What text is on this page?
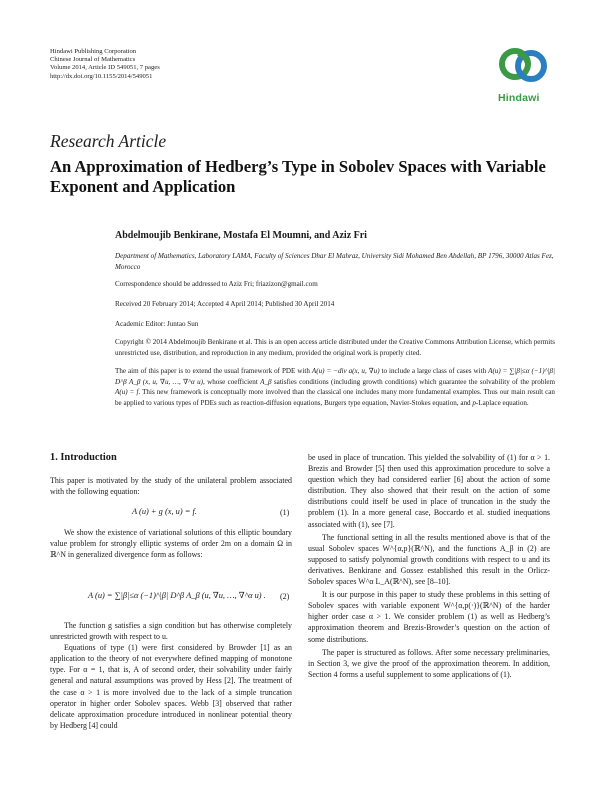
Hindawi Publishing Corporation
Chinese Journal of Mathematics
Volume 2014, Article ID 549051, 7 pages
http://dx.doi.org/10.1155/2014/549051
Hindawi
Research Article
An Approximation of Hedberg’s Type in Sobolev Spaces with Variable Exponent and Application
Abdelmoujib Benkirane, Mostafa El Moumni, and Aziz Fri
Department of Mathematics, Laboratory LAMA, Faculty of Sciences Dhar El Mahraz, University Sidi Mohamed Ben Abdellah, BP 1796, 30000 Atlas Fez, Morocco
Correspondence should be addressed to Aziz Fri; friazizon@gmail.com
Received 20 February 2014; Accepted 4 April 2014; Published 30 April 2014
Academic Editor: Juntao Sun
Copyright © 2014 Abdelmoujib Benkirane et al. This is an open access article distributed under the Creative Commons Attribution License, which permits unrestricted use, distribution, and reproduction in any medium, provided the original work is properly cited.
The aim of this paper is to extend the usual framework of PDE with A(u) = −div a(x, u, ∇u) to include a large class of cases with A(u) = ∑|β|≤α (−1)^|β| D^β A_β (x, u, ∇u, …, ∇^α u), whose coefficient A_β satisfies conditions (including growth conditions) which guarantee the solvability of the problem A(u) = f. This new framework is conceptually more involved than the classical one includes many more fundamental examples. Thus our main result can be applied to various types of PDEs such as reaction-diffusion equations, Burgers type equation, Navier-Stokes equation, and p-Laplace equation.
1. Introduction

This paper is motivated by the study of the unilateral problem associated with the following equation:

A (u) + g (x, u) = f.	(1)

We show the existence of variational solutions of this elliptic boundary value problem for strongly elliptic systems of order 2m on a domain Ω in ℝ^N in generalized divergence form as follows:

A (u) = ∑|β|≤α (−1)^|β| D^β A_β (u, ∇u, …, ∇^α u) .	(2)

The function g satisfies a sign condition but has otherwise completely unrestricted growth with respect to u.

Equations of type (1) were first considered by Browder [1] as an application to the theory of not everywhere defined mapping of monotone type. For α = 1, that is, A of second order, their solvability under fairly general and natural assumptions was proved by Hess [2]. The treatment of the case α > 1 is more involved due to the lack of a simple truncation operator in higher order Sobolev spaces. Webb [3] observed that rather delicate approximation procedure introduced in nonlinear potential theory by Hedberg [4] could

be used in place of truncation. This yielded the solvability of (1) for α > 1. Brezis and Browder [5] then used this approximation procedure to solve a question which they had considered earlier [6] about the action of some distribution. They also showed that their result on the action of some distributions could itself be used in place of truncation in the study the problem (1). In a more general case, Boccardo et al. studied inequations associated with (1), see [7].

The functional setting in all the results mentioned above is that of the usual Sobolev spaces W^{α,p}(ℝ^N), and the functions A_β in (2) are supposed to satisfy polynomial growth conditions with respect to u and its derivatives. Benkirane and Gossez established this result in the Orlicz-Sobolev spaces W^α L_A(ℝ^N), see [8–10].

It is our purpose in this paper to study these problems in this setting of Sobolev spaces with variable exponent W^{α,p(·)}(ℝ^N) of the harder higher order case α > 1. We consider problem (1) as well as Hedberg’s approximation theorem and Brezis-Browder’s question on the action of some distributions.

The paper is structured as follows. After some necessary preliminaries, in Section 3, we give the proof of the approximation theorem. In addition, Section 4 forms a useful supplement to some applications of (1).
